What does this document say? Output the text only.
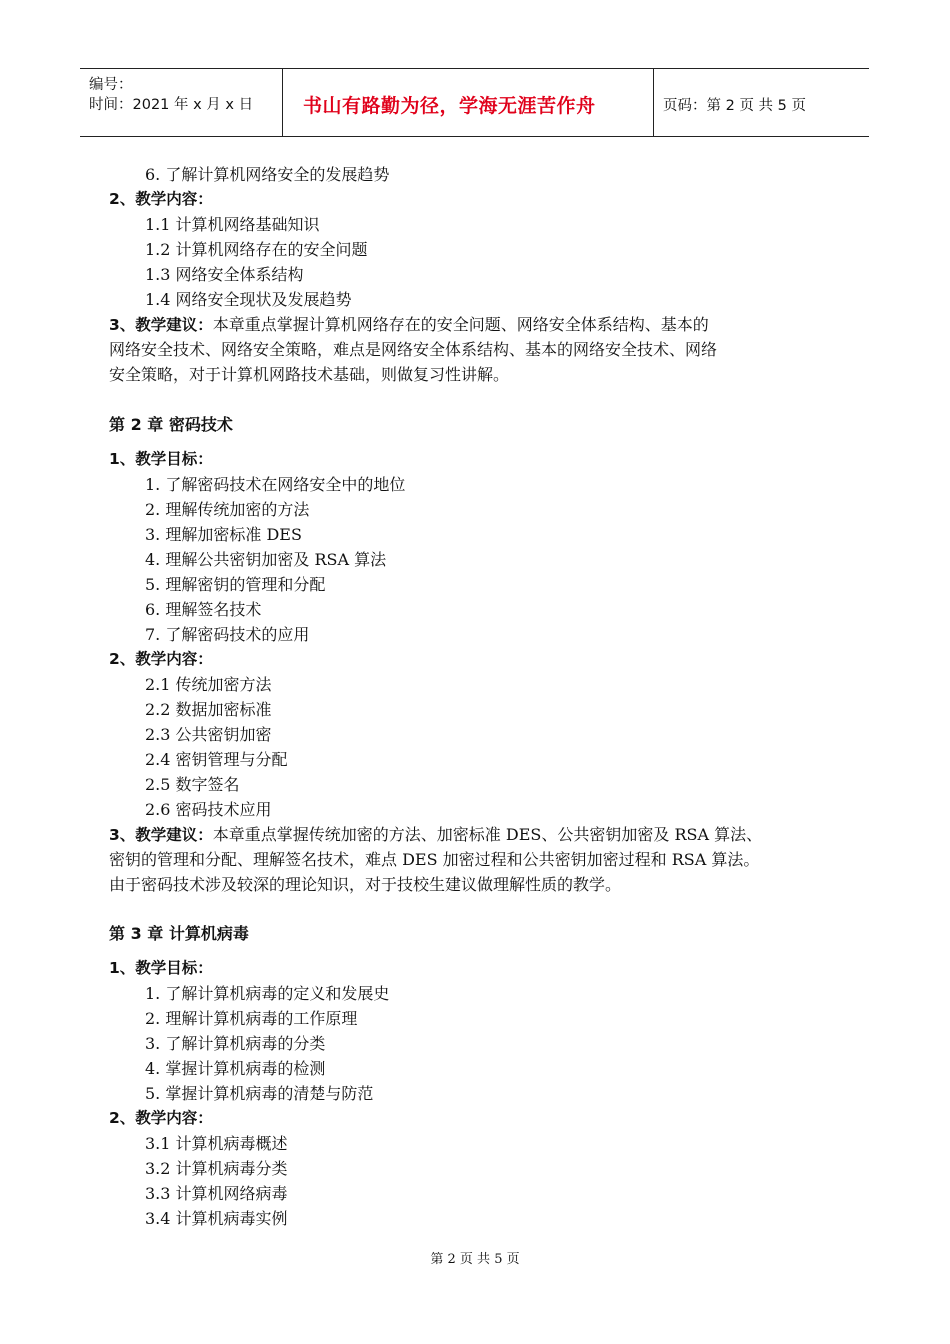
编号：
时间：2021 年 x 月 x 日	书山有路勤为径，学海无涯苦作舟	页码：第 2 页 共 5 页
6. 了解计算机网络安全的发展趋势
2、教学内容：
1.1 计算机网络基础知识
1.2 计算机网络存在的安全问题
1.3 网络安全体系结构
1.4 网络安全现状及发展趋势
3、教学建议：本章重点掌握计算机网络存在的安全问题、网络安全体系结构、基本的
网络安全技术、网络安全策略，难点是网络安全体系结构、基本的网络安全技术、网络
安全策略，对于计算机网路技术基础，则做复习性讲解。
第 2 章 密码技术
1、教学目标：
1. 了解密码技术在网络安全中的地位
2. 理解传统加密的方法
3. 理解加密标准 DES
4. 理解公共密钥加密及 RSA 算法
5. 理解密钥的管理和分配
6. 理解签名技术
7. 了解密码技术的应用
2、教学内容：
2.1 传统加密方法
2.2 数据加密标准
2.3 公共密钥加密
2.4 密钥管理与分配
2.5 数字签名
2.6 密码技术应用
3、教学建议：本章重点掌握传统加密的方法、加密标准 DES、公共密钥加密及 RSA 算法、
密钥的管理和分配、理解签名技术，难点 DES 加密过程和公共密钥加密过程和 RSA 算法。
由于密码技术涉及较深的理论知识，对于技校生建议做理解性质的教学。
第 3 章 计算机病毒
1、教学目标：
1. 了解计算机病毒的定义和发展史
2. 理解计算机病毒的工作原理
3. 了解计算机病毒的分类
4. 掌握计算机病毒的检测
5. 掌握计算机病毒的清楚与防范
2、教学内容：
3.1 计算机病毒概述
3.2 计算机病毒分类
3.3 计算机网络病毒
3.4 计算机病毒实例
第 2 页 共 5 页
